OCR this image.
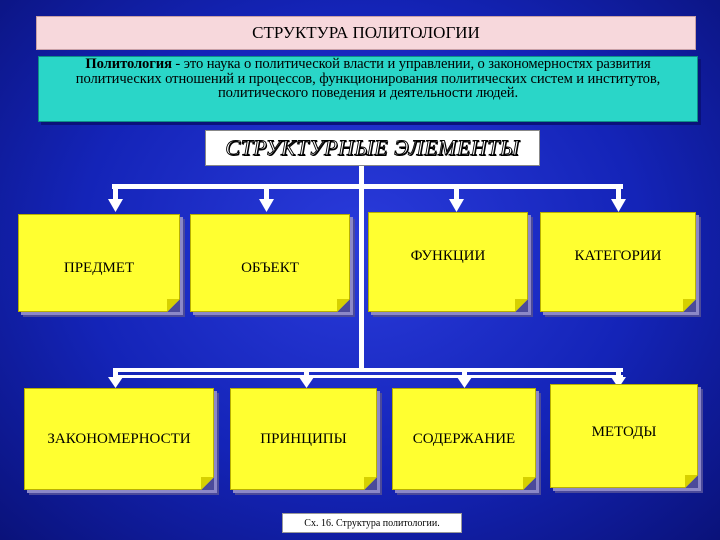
СТРУКТУРА ПОЛИТОЛОГИИ
Политология - это наука о политической власти и управлении, о закономерностях развития политических отношений и процессов, функционирования политических систем и институтов, политического поведения и деятельности людей.
СТРУКТУРНЫЕ ЭЛЕМЕНТЫ
ПРЕДМЕТ	ОБЪЕКТ
ФУНКЦИИ	КАТЕГОРИИ
ЗАКОНОМЕРНОСТИ	ПРИНЦИПЫ	СОДЕРЖАНИЕ	МЕТОДЫ
Сх. 16. Структура политологии.
